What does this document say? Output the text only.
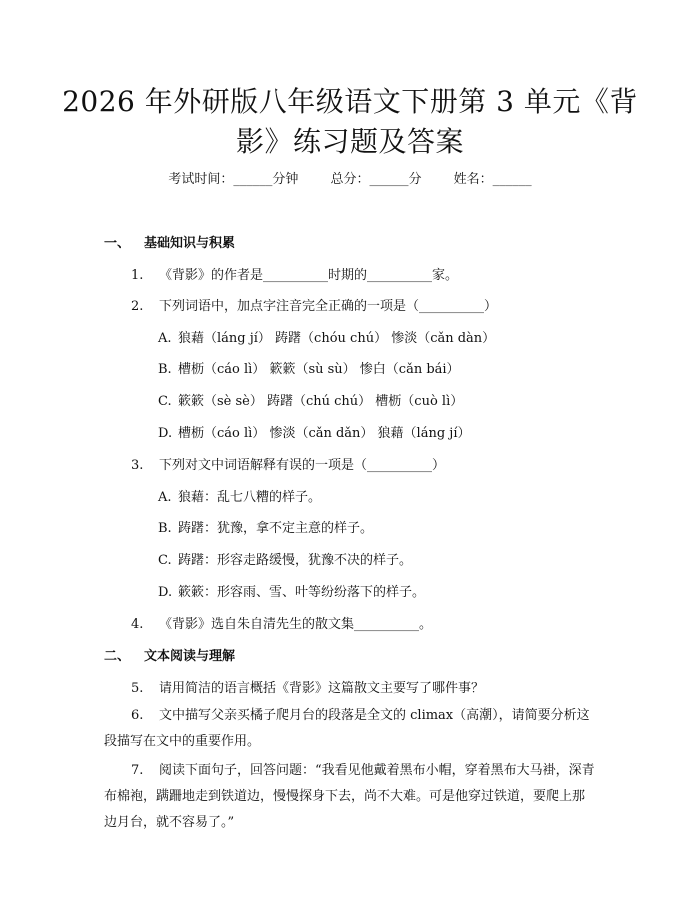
2026 年外研版八年级语文下册第 3 单元《背
影》练习题及答案
考试时间：______分钟 总分：______分 姓名：______
一、 基础知识与积累
1. 《背影》的作者是__________时期的__________家。
2. 下列词语中，加点字注音完全正确的一项是（__________）
A. 狼藉（láng jí） 踌躇（chóu chú） 惨淡（cǎn dàn）
B. 槽枥（cáo lì） 簌簌（sù sù） 惨白（cǎn bái）
C. 簌簌（sè sè） 踌躇（chú chú） 槽枥（cuò lì）
D. 槽枥（cáo lì） 惨淡（cǎn dǎn） 狼藉（láng jí）
3. 下列对文中词语解释有误的一项是（__________）
A. 狼藉：乱七八糟的样子。
B. 踌躇：犹豫，拿不定主意的样子。
C. 踌躇：形容走路缓慢，犹豫不决的样子。
D. 簌簌：形容雨、雪、叶等纷纷落下的样子。
4. 《背影》选自朱自清先生的散文集__________。
二、 文本阅读与理解
5. 请用简洁的语言概括《背影》这篇散文主要写了哪件事？
6. 文中描写父亲买橘子爬月台的段落是全文的 climax（高潮），请简要分析这段描写在文中的重要作用。
7. 阅读下面句子，回答问题：“我看见他戴着黑布小帽，穿着黑布大马褂，深青布棉袍，蹒跚地走到铁道边，慢慢探身下去，尚不大难。可是他穿过铁道，要爬上那边月台，就不容易了。”
